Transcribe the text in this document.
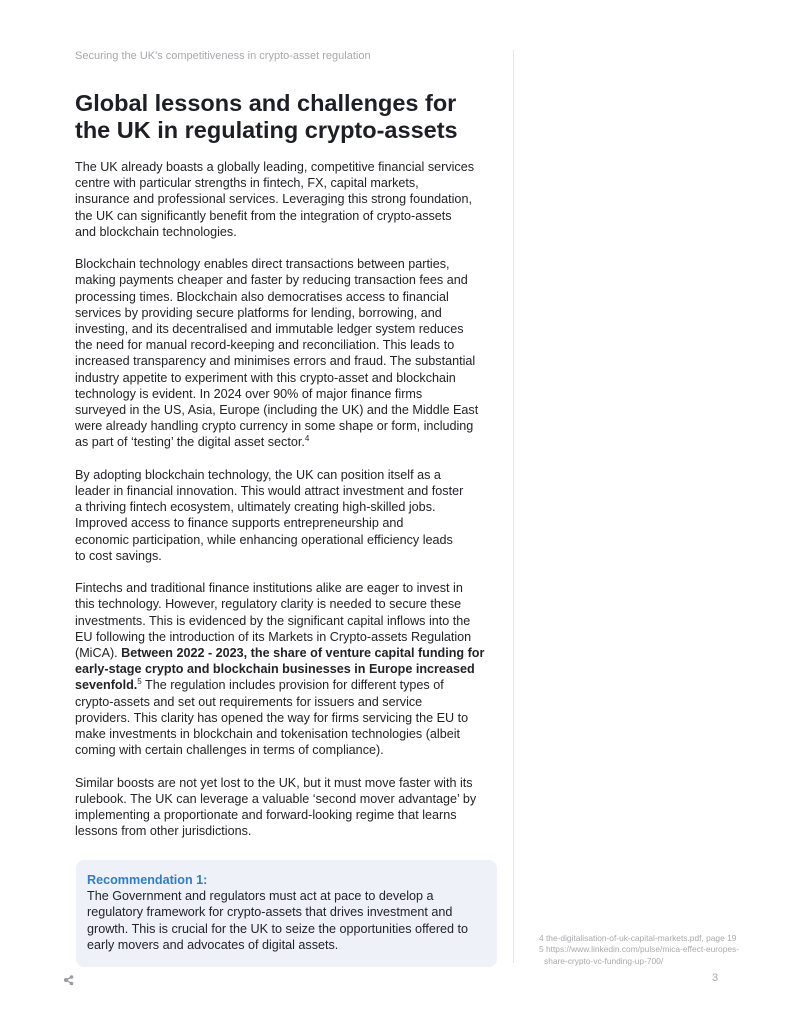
Securing the UK's competitiveness in crypto-asset regulation
Global lessons and challenges for
the UK in regulating crypto-assets

The UK already boasts a globally leading, competitive financial services
centre with particular strengths in fintech, FX, capital markets,
insurance and professional services. Leveraging this strong foundation,
the UK can significantly benefit from the integration of crypto-assets
and blockchain technologies.

Blockchain technology enables direct transactions between parties,
making payments cheaper and faster by reducing transaction fees and
processing times. Blockchain also democratises access to financial
services by providing secure platforms for lending, borrowing, and
investing, and its decentralised and immutable ledger system reduces
the need for manual record-keeping and reconciliation. This leads to
increased transparency and minimises errors and fraud. The substantial
industry appetite to experiment with this crypto-asset and blockchain
technology is evident. In 2024 over 90% of major finance firms
surveyed in the US, Asia, Europe (including the UK) and the Middle East
were already handling crypto currency in some shape or form, including
as part of ‘testing’ the digital asset sector.$^4$

By adopting blockchain technology, the UK can position itself as a
leader in financial innovation. This would attract investment and foster
a thriving fintech ecosystem, ultimately creating high-skilled jobs.
Improved access to finance supports entrepreneurship and
economic participation, while enhancing operational efficiency leads
to cost savings.

Fintechs and traditional finance institutions alike are eager to invest in
this technology. However, regulatory clarity is needed to secure these
investments. This is evidenced by the significant capital inflows into the
EU following the introduction of its Markets in Crypto-assets Regulation
(MiCA). Between 2022 - 2023, the share of venture capital funding for
early-stage crypto and blockchain businesses in Europe increased
sevenfold.$^5$ The regulation includes provision for different types of
crypto-assets and set out requirements for issuers and service
providers. This clarity has opened the way for firms servicing the EU to
make investments in blockchain and tokenisation technologies (albeit
coming with certain challenges in terms of compliance).

Similar boosts are not yet lost to the UK, but it must move faster with its
rulebook. The UK can leverage a valuable ‘second mover advantage’ by
implementing a proportionate and forward-looking regime that learns
lessons from other jurisdictions.

Recommendation 1:
The Government and regulators must act at pace to develop a
regulatory framework for crypto-assets that drives investment and
growth. This is crucial for the UK to seize the opportunities offered to
early movers and advocates of digital assets.	4 the-digitalisation-of-uk-capital-markets.pdf, page 19
5 https://www.linkedin.com/pulse/mica-effect-europes-
share-crypto-vc-funding-up-700/
3
